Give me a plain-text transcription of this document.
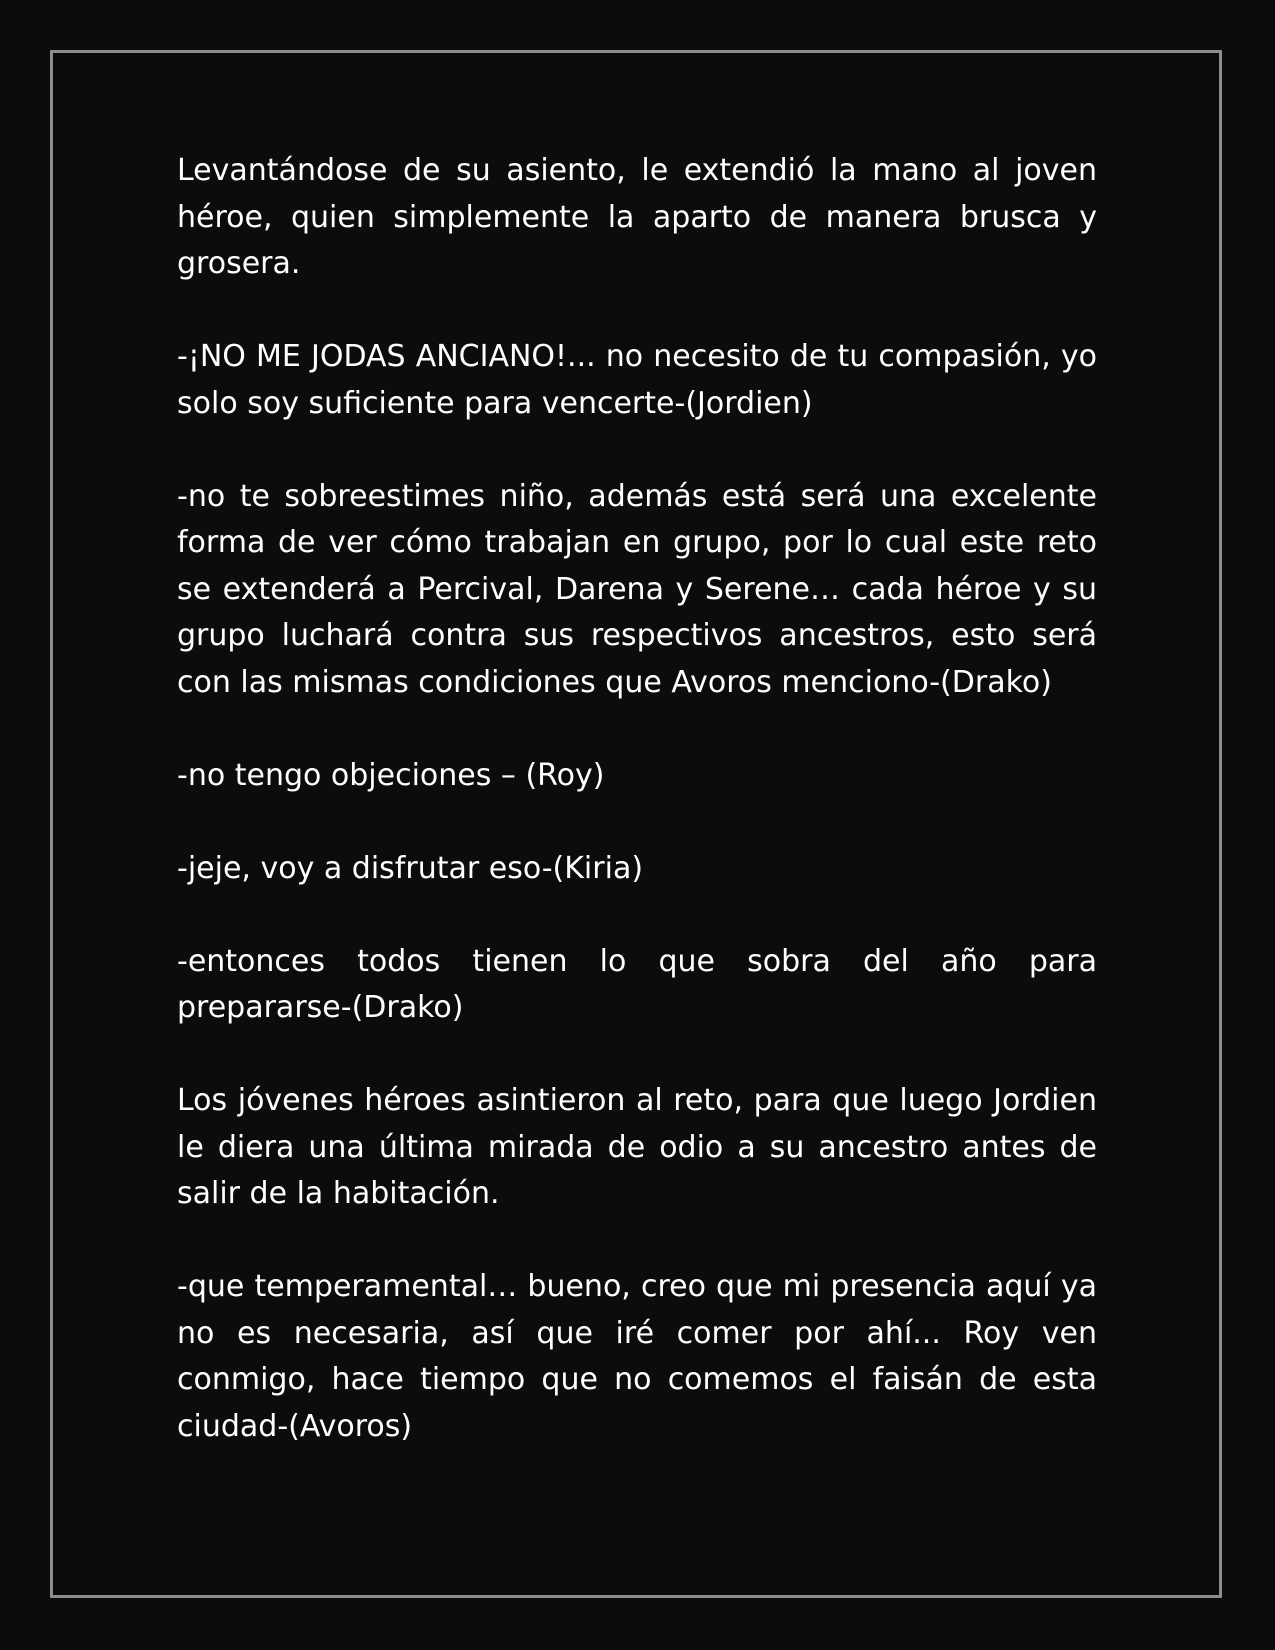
Levantándose de su asiento, le extendió la mano al joven héroe, quien simplemente la aparto de manera brusca y grosera.

-¡NO ME JODAS ANCIANO!... no necesito de tu compasión, yo solo soy suficiente para vencerte-(Jordien)

-no te sobreestimes niño, además está será una excelente forma de ver cómo trabajan en grupo, por lo cual este reto se extenderá a Percival, Darena y Serene… cada héroe y su grupo luchará contra sus respectivos ancestros, esto será con las mismas condiciones que Avoros menciono-(Drako)

-no tengo objeciones – (Roy)

-jeje, voy a disfrutar eso-(Kiria)

-entonces todos tienen lo que sobra del año para prepararse-(Drako)

Los jóvenes héroes asintieron al reto, para que luego Jordien le diera una última mirada de odio a su ancestro antes de salir de la habitación.

-que temperamental… bueno, creo que mi presencia aquí ya no es necesaria, así que iré comer por ahí... Roy ven conmigo, hace tiempo que no comemos el faisán de esta ciudad-(Avoros)
